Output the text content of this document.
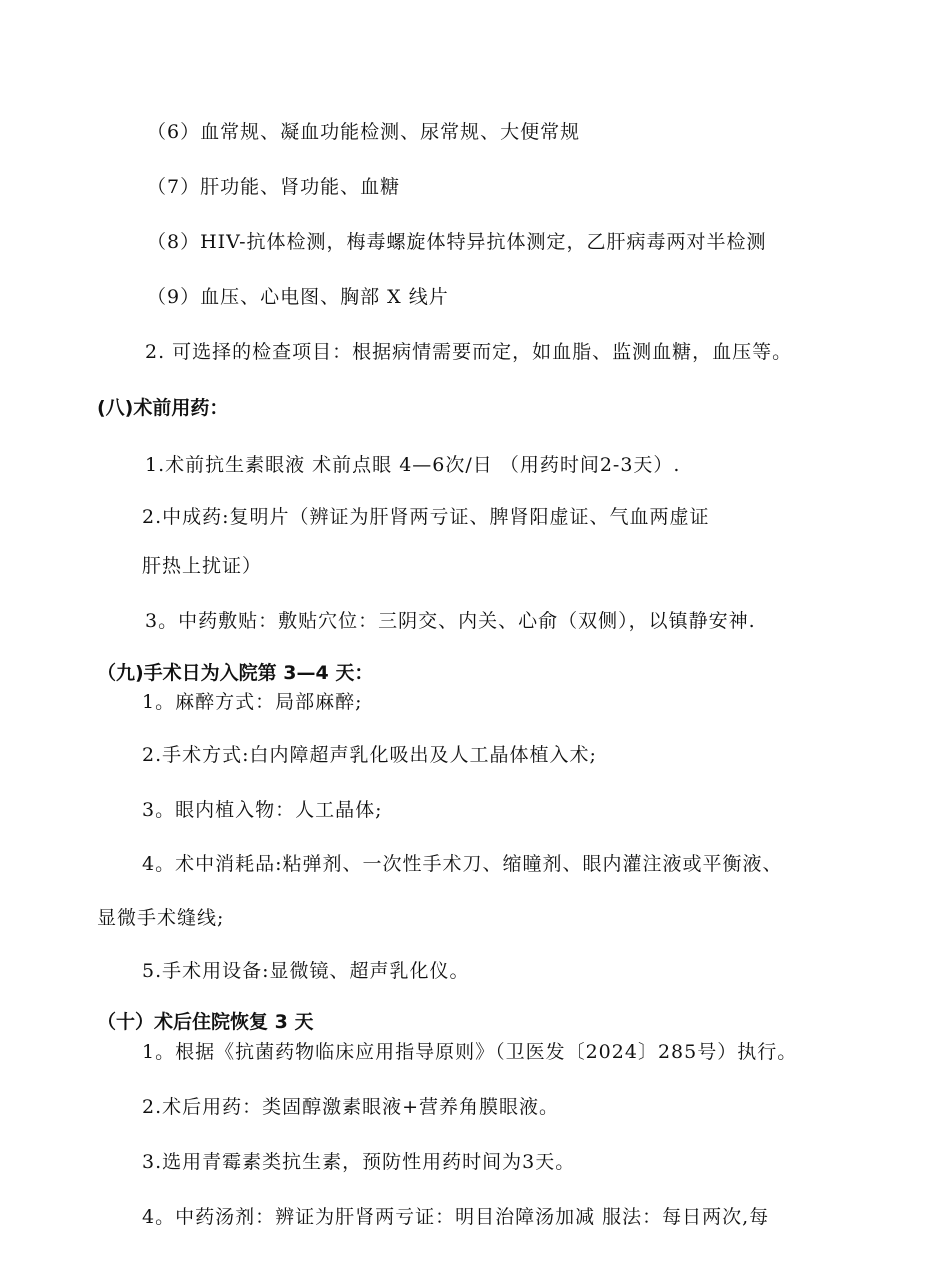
（6）血常规、凝血功能检测、尿常规、大便常规
（7）肝功能、肾功能、血糖
（8）HIV-抗体检测，梅毒螺旋体特异抗体测定，乙肝病毒两对半检测
（9）血压、心电图、胸部 X 线片
2. 可选择的检查项目：根据病情需要而定，如血脂、监测血糖，血压等。
(八)术前用药：
1.术前抗生素眼液 术前点眼 4—6次/日 （用药时间2-3天）.
2.中成药:复明片（辨证为肝肾两亏证、脾肾阳虚证、气血两虚证
肝热上扰证）
3。中药敷贴：敷贴穴位：三阴交、内关、心俞（双侧），以镇静安神.
（九)手术日为入院第 3—4 天：
1。麻醉方式：局部麻醉;
2.手术方式:白内障超声乳化吸出及人工晶体植入术;
3。眼内植入物：人工晶体;
4。术中消耗品:粘弹剂、一次性手术刀、缩瞳剂、眼内灌注液或平衡液、
显微手术缝线;
5.手术用设备:显微镜、超声乳化仪。
（十）术后住院恢复 3 天
1。根据《抗菌药物临床应用指导原则》（卫医发〔2024〕285号）执行。
2.术后用药：类固醇激素眼液+营养角膜眼液。
3.选用青霉素类抗生素，预防性用药时间为3天。
4。中药汤剂：辨证为肝肾两亏证：明目治障汤加减 服法：每日两次,每
